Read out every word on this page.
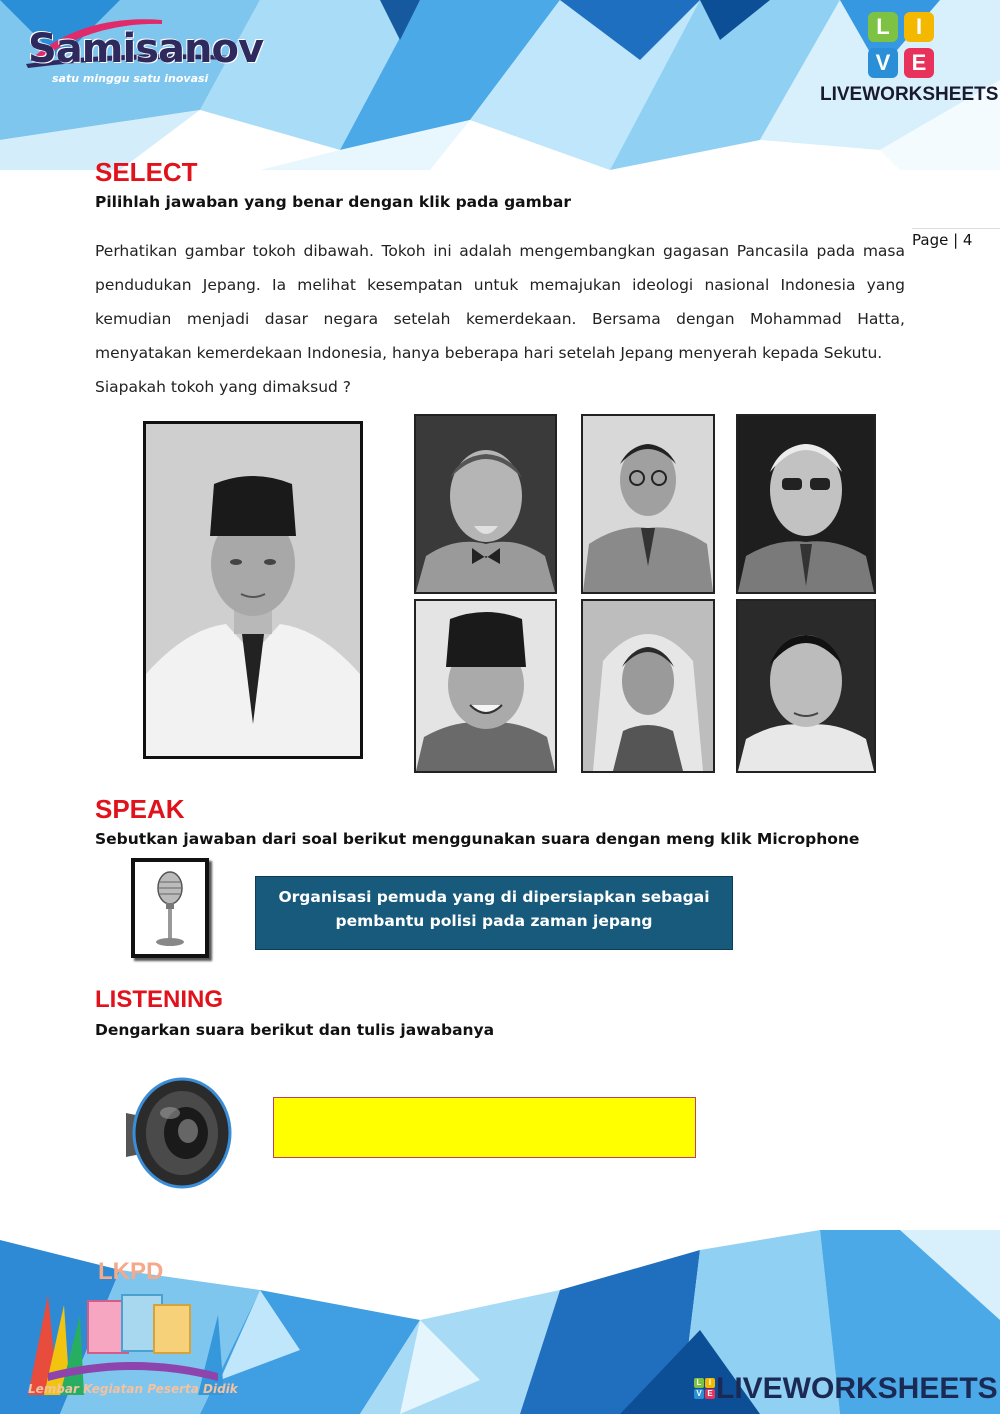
Samisanov
satu minggu satu inovasi
L	I
V E
LIVEWORKSHEETS
Page | 4
SELECT
Pilihlah jawaban yang benar dengan klik pada gambar
Perhatikan gambar tokoh dibawah. Tokoh ini adalah mengembangkan gagasan Pancasila pada masa pendudukan Jepang. Ia melihat kesempatan untuk memajukan ideologi nasional Indonesia yang kemudian menjadi dasar negara setelah kemerdekaan. Bersama dengan Mohammad Hatta, menyatakan kemerdekaan Indonesia, hanya beberapa hari setelah Jepang menyerah kepada Sekutu.
Siapakah tokoh yang dimaksud ?
SPEAK
Sebutkan jawaban dari soal berikut menggunakan suara dengan meng klik Microphone
Organisasi pemuda yang di dipersiapkan sebagai pembantu polisi pada zaman jepang
LISTENING
Dengarkan suara berikut dan tulis jawabanya
LKPD
Lembar Kegiatan Peserta Didik	L I
V E LIVEWORKSHEETS
